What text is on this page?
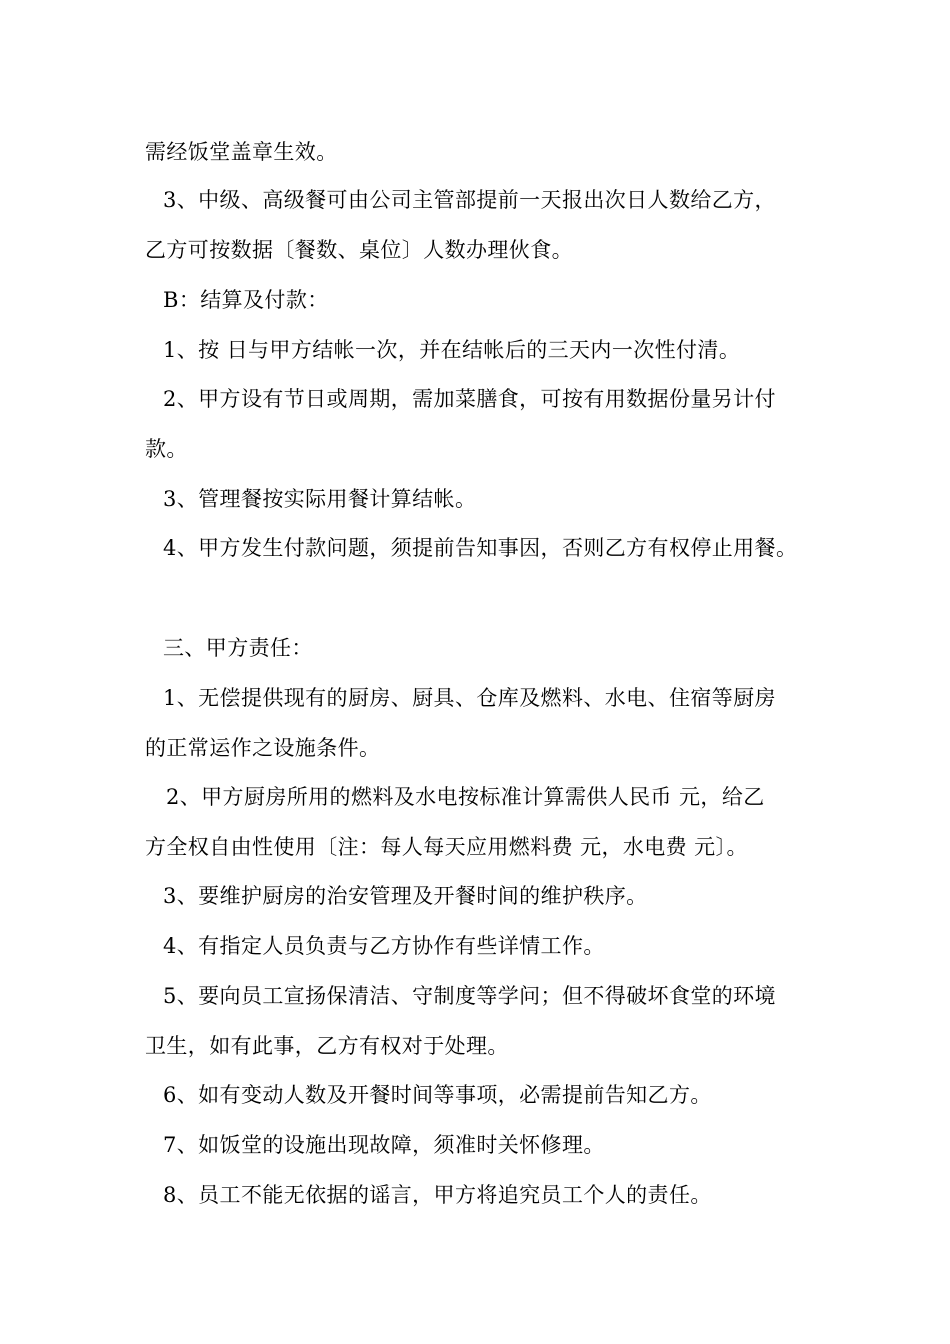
需经饭堂盖章生效。
3、中级、高级餐可由公司主管部提前一天报出次日人数给乙方，
乙方可按数据〔餐数、桌位〕人数办理伙食。
B：结算及付款：
1、按 日与甲方结帐一次，并在结帐后的三天内一次性付清。
2、甲方设有节日或周期，需加菜膳食，可按有用数据份量另计付
款。
3、管理餐按实际用餐计算结帐。
4、甲方发生付款问题，须提前告知事因，否则乙方有权停止用餐。
三、甲方责任：
1、无偿提供现有的厨房、厨具、仓库及燃料、水电、住宿等厨房
的正常运作之设施条件。
2、甲方厨房所用的燃料及水电按标准计算需供人民币 元，给乙
方全权自由性使用〔注：每人每天应用燃料费 元，水电费 元〕。
3、要维护厨房的治安管理及开餐时间的维护秩序。
4、有指定人员负责与乙方协作有些详情工作。
5、要向员工宣扬保清洁、守制度等学问；但不得破坏食堂的环境
卫生，如有此事，乙方有权对于处理。
6、如有变动人数及开餐时间等事项，必需提前告知乙方。
7、如饭堂的设施出现故障，须准时关怀修理。
8、员工不能无依据的谣言，甲方将追究员工个人的责任。
